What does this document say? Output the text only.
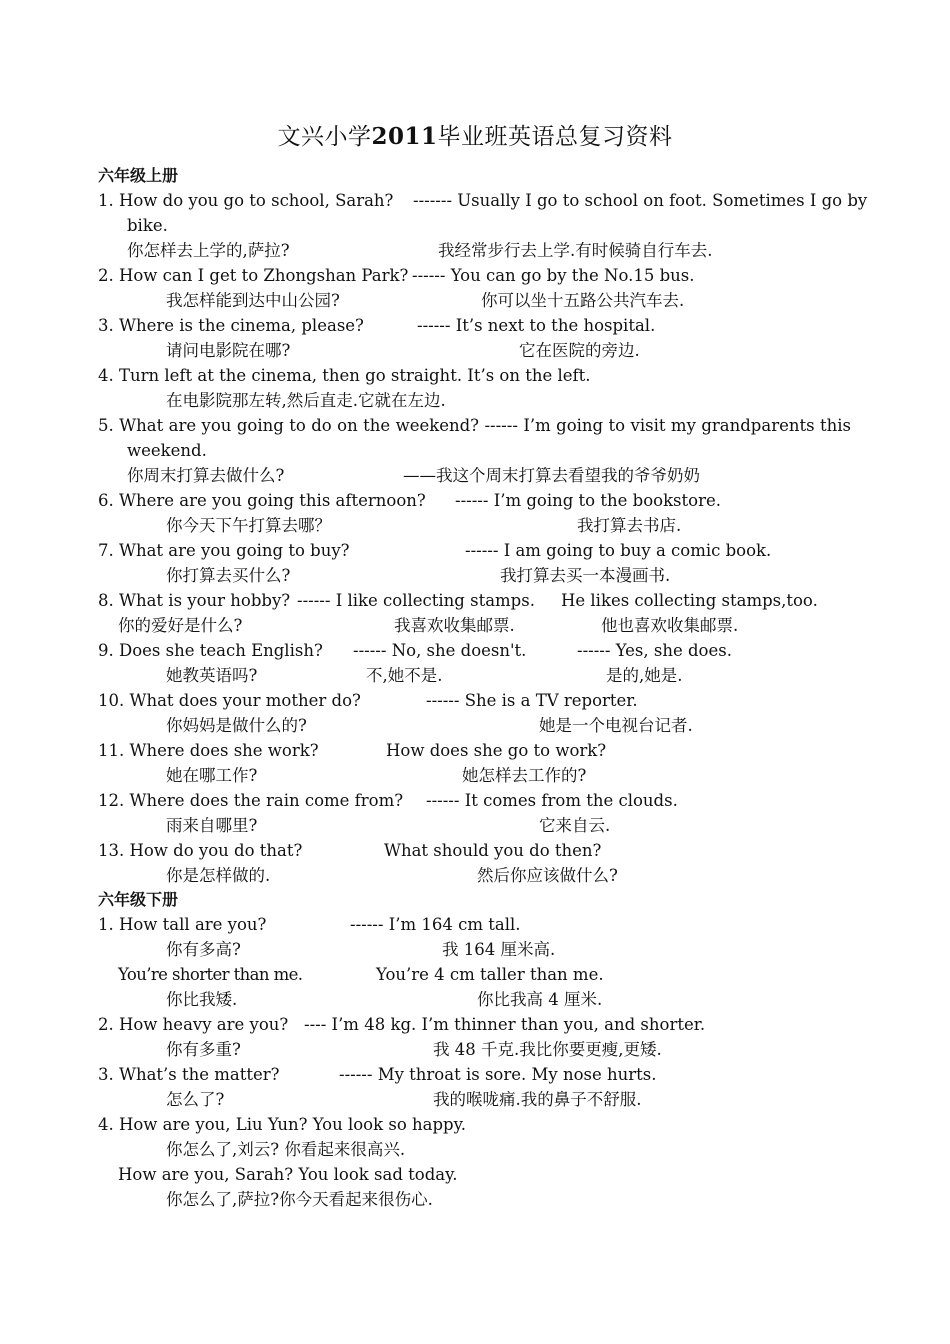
文兴小学2011毕业班英语总复习资料
六年级上册
1. How do you go to school, Sarah? ------- Usually I go to school on foot. Sometimes I go by
bike.
你怎样去上学的,萨拉?	我经常步行去上学.有时候骑自行车去.
2. How can I get to Zhongshan Park? ------ You can go by the No.15 bus.
我怎样能到达中山公园?	你可以坐十五路公共汽车去.
3. Where is the cinema, please?	------ It’s next to the hospital.
请问电影院在哪?	它在医院的旁边.
4. Turn left at the cinema, then go straight. It’s on the left.
在电影院那左转,然后直走.它就在左边.
5. What are you going to do on the weekend? ------ I’m going to visit my grandparents this
weekend.
你周末打算去做什么?	——我这个周末打算去看望我的爷爷奶奶
6. Where are you going this afternoon? ------ I’m going to the bookstore.
你今天下午打算去哪？	我打算去书店.
7. What are you going to buy?	------ I am going to buy a comic book.
你打算去买什么?	我打算去买一本漫画书.
8. What is your hobby? ------ I like collecting stamps. He likes collecting stamps,too.
你的爱好是什么?	我喜欢收集邮票.	他也喜欢收集邮票.
9. Does she teach English? ------ No, she doesn't.	------ Yes, she does.
她教英语吗?	不,她不是.	是的,她是.
10. What does your mother do?	------ She is a TV reporter.
你妈妈是做什么的?	她是一个电视台记者.
11. Where does she work?	How does she go to work?
她在哪工作?	她怎样去工作的?
12. Where does the rain come from? ------ It comes from the clouds.
雨来自哪里?	它来自云.
13. How do you do that?	What should you do then?
你是怎样做的.	然后你应该做什么?
六年级下册
1. How tall are you?	------ I’m 164 cm tall.
你有多高?	我 164 厘米高.
You’re shorter than me.	You’re 4 cm taller than me.
你比我矮.	你比我高 4 厘米.
2. How heavy are you? ---- I’m 48 kg. I’m thinner than you, and shorter.
你有多重?	我 48 千克.我比你要更瘦,更矮.
3. What’s the matter?	------ My throat is sore. My nose hurts.
怎么了?	我的喉咙痛.我的鼻子不舒服.
4. How are you, Liu Yun? You look so happy.
你怎么了,刘云? 你看起来很高兴.
How are you, Sarah? You look sad today.
你怎么了,萨拉?你今天看起来很伤心.
